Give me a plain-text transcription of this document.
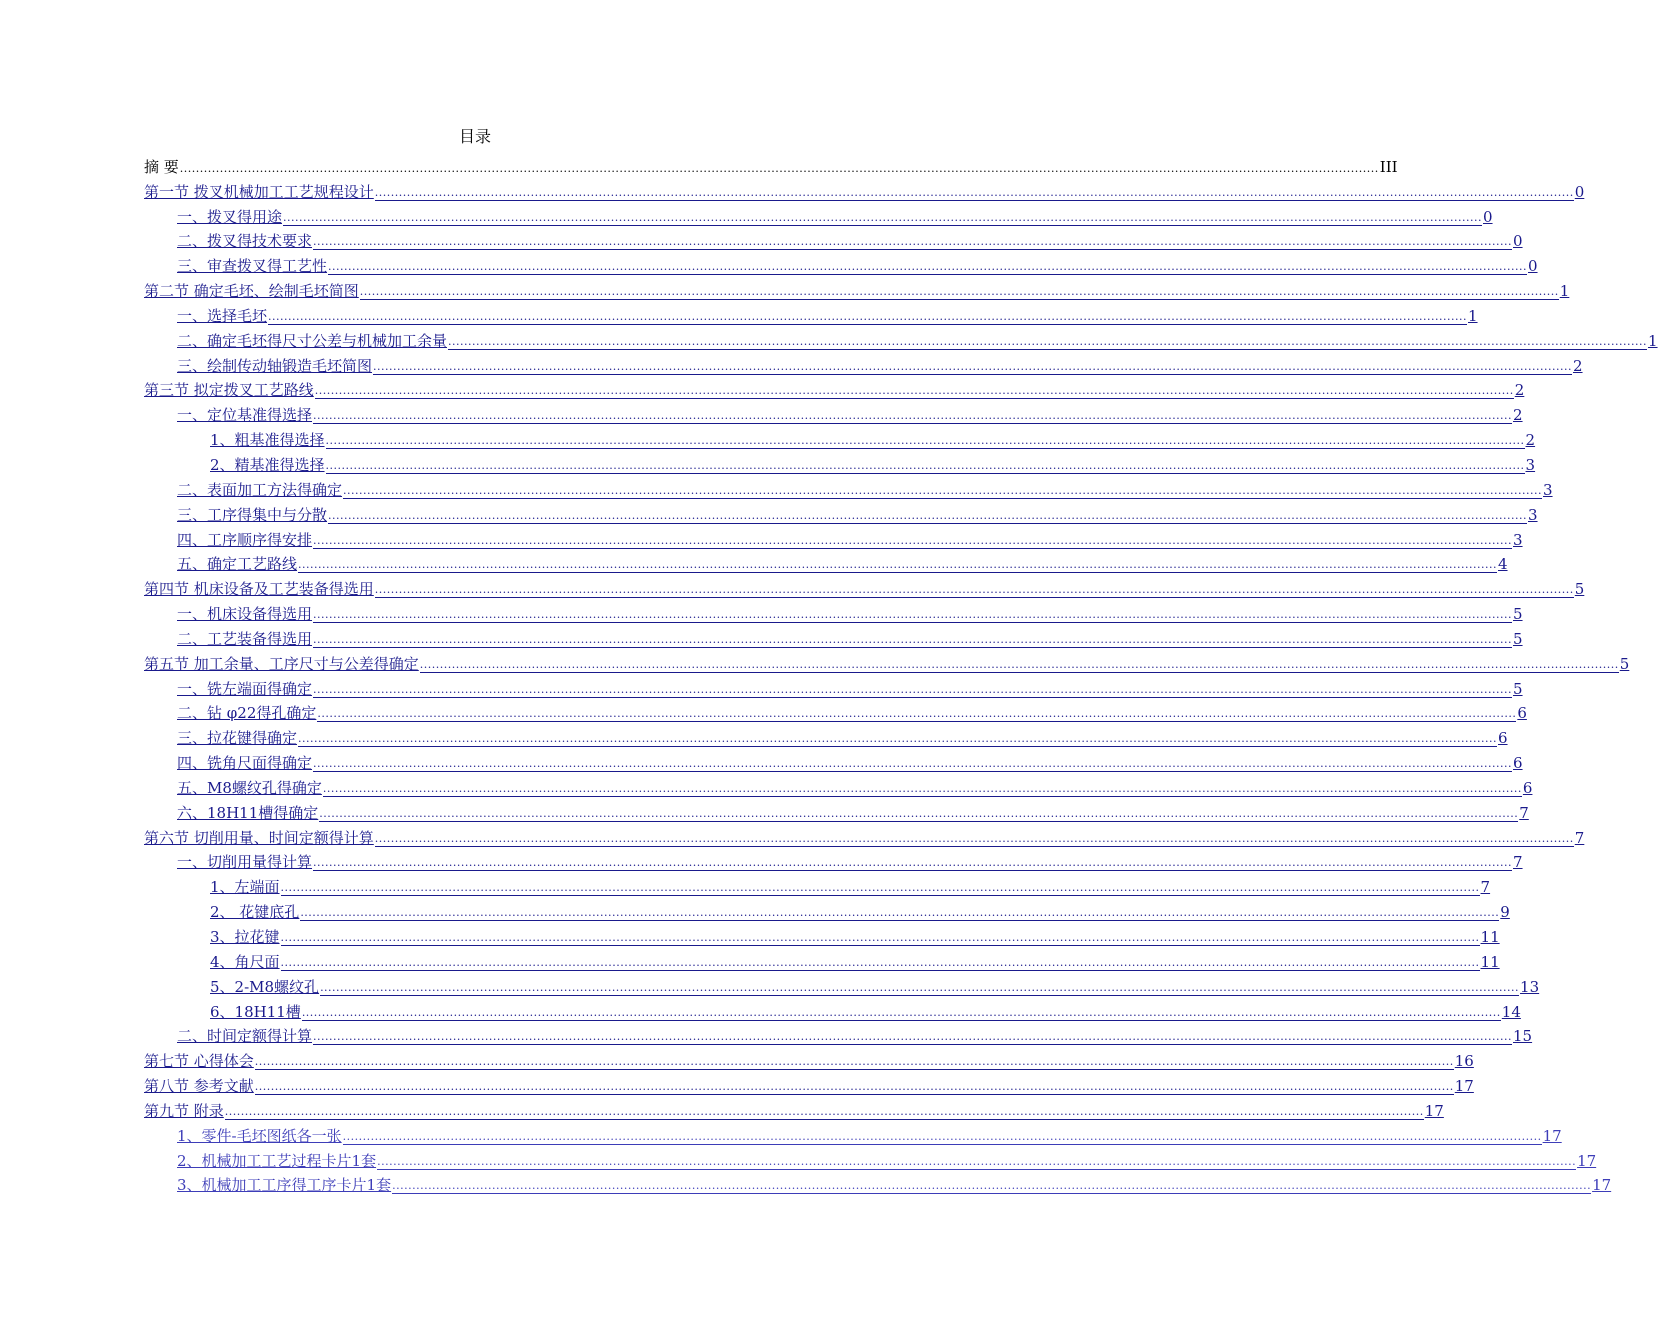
目录
摘 要 ............................................................................................................................................................................................................................................................................................................ III
第一节 拨叉机械加工工艺规程设计 ............................................................................................................................................................................................................................................................................................................ 0
一、拨叉得用途 ............................................................................................................................................................................................................................................................................................................ 0
二、拨叉得技术要求 ............................................................................................................................................................................................................................................................................................................ 0
三、审查拨叉得工艺性 ............................................................................................................................................................................................................................................................................................................ 0
第二节 确定毛坯、绘制毛坯简图 ............................................................................................................................................................................................................................................................................................................ 1
一、选择毛坯 ............................................................................................................................................................................................................................................................................................................ 1
二、确定毛坯得尺寸公差与机械加工余量 ............................................................................................................................................................................................................................................................................................................ 1
三、绘制传动轴锻造毛坯简图 ............................................................................................................................................................................................................................................................................................................ 2
第三节 拟定拨叉工艺路线 ............................................................................................................................................................................................................................................................................................................ 2
一、定位基准得选择 ............................................................................................................................................................................................................................................................................................................ 2
1、粗基准得选择 ............................................................................................................................................................................................................................................................................................................ 2
2、精基准得选择 ............................................................................................................................................................................................................................................................................................................ 3
二、表面加工方法得确定 ............................................................................................................................................................................................................................................................................................................ 3
三、工序得集中与分散 ............................................................................................................................................................................................................................................................................................................ 3
四、工序顺序得安排 ............................................................................................................................................................................................................................................................................................................ 3
五、确定工艺路线 ............................................................................................................................................................................................................................................................................................................ 4
第四节 机床设备及工艺装备得选用 ............................................................................................................................................................................................................................................................................................................ 5
一、机床设备得选用 ............................................................................................................................................................................................................................................................................................................ 5
二、工艺装备得选用 ............................................................................................................................................................................................................................................................................................................ 5
第五节 加工余量、工序尺寸与公差得确定 ............................................................................................................................................................................................................................................................................................................ 5
一、铣左端面得确定 ............................................................................................................................................................................................................................................................................................................ 5
二、钻 φ22得孔确定 ............................................................................................................................................................................................................................................................................................................ 6
三、拉花键得确定 ............................................................................................................................................................................................................................................................................................................ 6
四、铣角尺面得确定 ............................................................................................................................................................................................................................................................................................................ 6
五、M8螺纹孔得确定 ............................................................................................................................................................................................................................................................................................................ 6
六、18H11槽得确定 ............................................................................................................................................................................................................................................................................................................ 7
第六节 切削用量、时间定额得计算 ............................................................................................................................................................................................................................................................................................................ 7
一、切削用量得计算 ............................................................................................................................................................................................................................................................................................................ 7
1、左端面 ............................................................................................................................................................................................................................................................................................................ 7
2、 花键底孔 ............................................................................................................................................................................................................................................................................................................ 9
3、拉花键 ............................................................................................................................................................................................................................................................................................................ 11
4、角尺面 ............................................................................................................................................................................................................................................................................................................ 11
5、2-M8螺纹孔 ............................................................................................................................................................................................................................................................................................................ 13
6、18H11槽 ............................................................................................................................................................................................................................................................................................................ 14
二、时间定额得计算 ............................................................................................................................................................................................................................................................................................................ 15
第七节 心得体会 ............................................................................................................................................................................................................................................................................................................ 16
第八节 参考文献 ............................................................................................................................................................................................................................................................................................................ 17
第九节 附录 ............................................................................................................................................................................................................................................................................................................ 17
1、零件-毛坯图纸各一张 ............................................................................................................................................................................................................................................................................................................ 17
2、机械加工工艺过程卡片1套 ............................................................................................................................................................................................................................................................................................................ 17
3、机械加工工序得工序卡片1套 ............................................................................................................................................................................................................................................................................................................ 17
